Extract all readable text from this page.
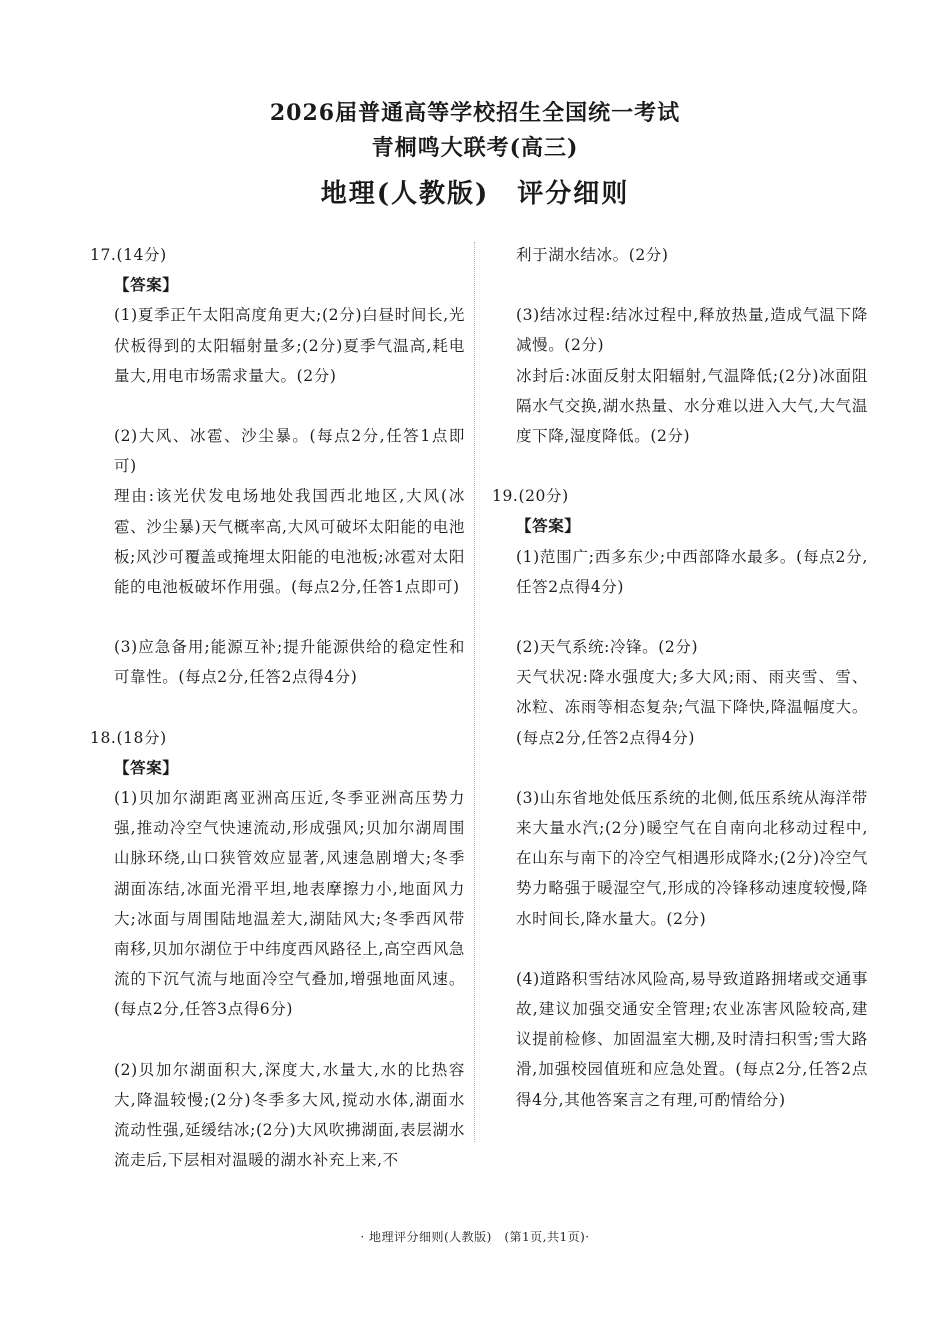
2026届普通高等学校招生全国统一考试
青桐鸣大联考(高三)
地理(人教版)　评分细则

17.(14分)

【答案】

(1)夏季正午太阳高度角更大;(2分)白昼时间长,光伏板得到的太阳辐射量多;(2分)夏季气温高,耗电量大,用电市场需求量大。(2分)

(2)大风、冰雹、沙尘暴。(每点2分,任答1点即可)

理由:该光伏发电场地处我国西北地区,大风(冰雹、沙尘暴)天气概率高,大风可破坏太阳能的电池板;风沙可覆盖或掩埋太阳能的电池板;冰雹对太阳能的电池板破坏作用强。(每点2分,任答1点即可)

(3)应急备用;能源互补;提升能源供给的稳定性和可靠性。(每点2分,任答2点得4分)

18.(18分)

【答案】

(1)贝加尔湖距离亚洲高压近,冬季亚洲高压势力强,推动冷空气快速流动,形成强风;贝加尔湖周围山脉环绕,山口狭管效应显著,风速急剧增大;冬季湖面冻结,冰面光滑平坦,地表摩擦力小,地面风力大;冰面与周围陆地温差大,湖陆风大;冬季西风带南移,贝加尔湖位于中纬度西风路径上,高空西风急流的下沉气流与地面冷空气叠加,增强地面风速。(每点2分,任答3点得6分)

(2)贝加尔湖面积大,深度大,水量大,水的比热容大,降温较慢;(2分)冬季多大风,搅动水体,湖面水流动性强,延缓结冰;(2分)大风吹拂湖面,表层湖水流走后,下层相对温暖的湖水补充上来,不

利于湖水结冰。(2分)

(3)结冰过程:结冰过程中,释放热量,造成气温下降减慢。(2分)

冰封后:冰面反射太阳辐射,气温降低;(2分)冰面阻隔水气交换,湖水热量、水分难以进入大气,大气温度下降,湿度降低。(2分)

19.(20分)

【答案】

(1)范围广;西多东少;中西部降水最多。(每点2分,任答2点得4分)

(2)天气系统:冷锋。(2分)

天气状况:降水强度大;多大风;雨、雨夹雪、雪、冰粒、冻雨等相态复杂;气温下降快,降温幅度大。(每点2分,任答2点得4分)

(3)山东省地处低压系统的北侧,低压系统从海洋带来大量水汽;(2分)暖空气在自南向北移动过程中,在山东与南下的冷空气相遇形成降水;(2分)冷空气势力略强于暖湿空气,形成的冷锋移动速度较慢,降水时间长,降水量大。(2分)

(4)道路积雪结冰风险高,易导致道路拥堵或交通事故,建议加强交通安全管理;农业冻害风险较高,建议提前检修、加固温室大棚,及时清扫积雪;雪大路滑,加强校园值班和应急处置。(每点2分,任答2点得4分,其他答案言之有理,可酌情给分)

· 地理评分细则(人教版)　(第1页,共1页)·
